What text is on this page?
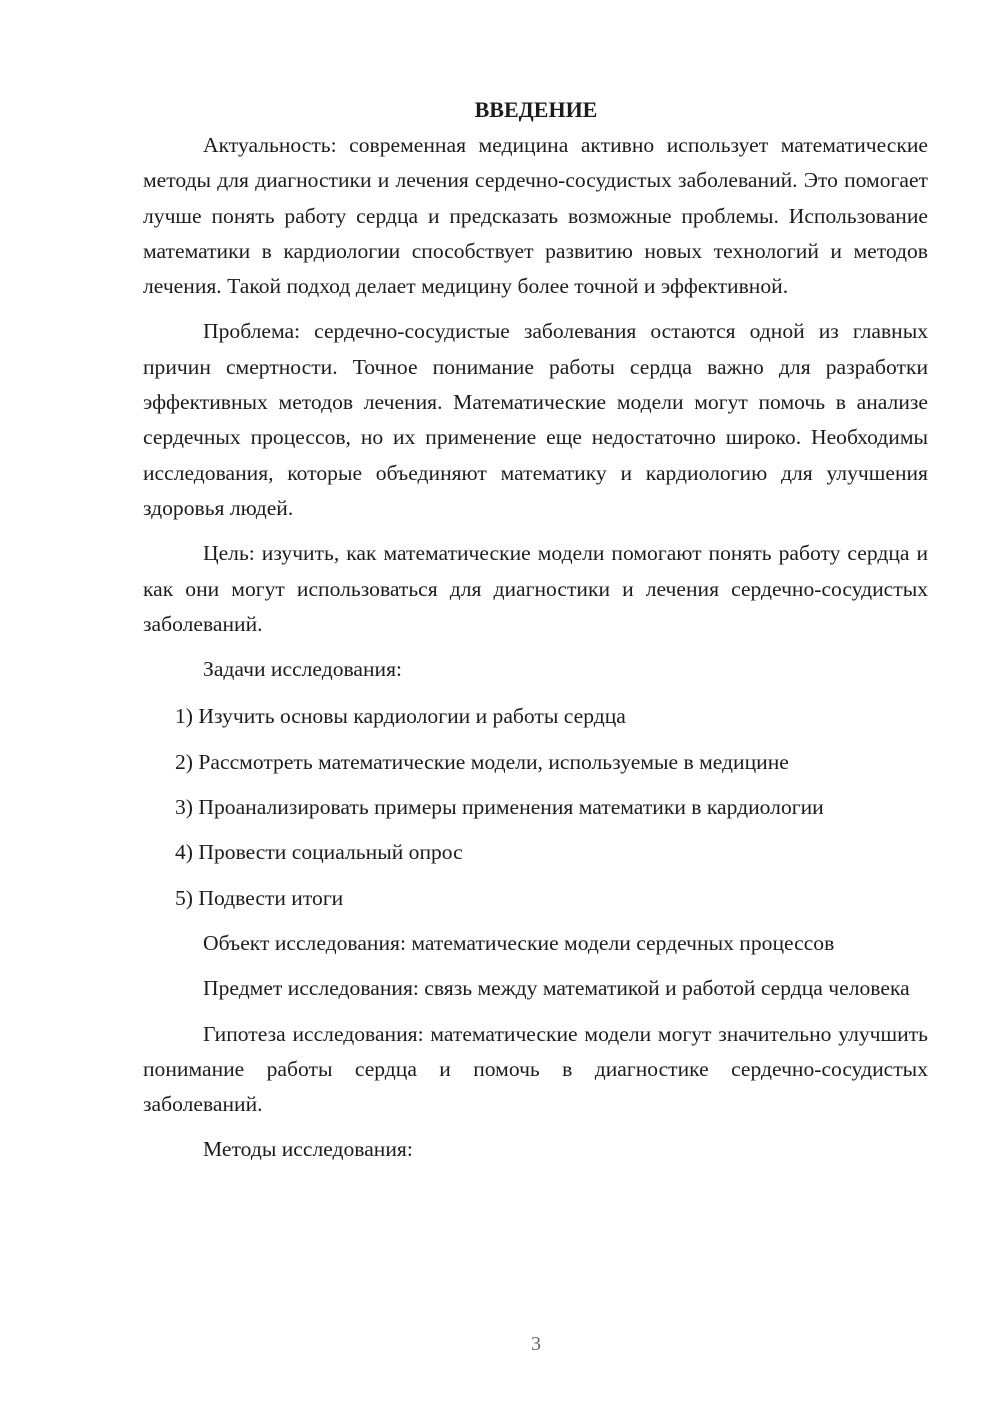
ВВЕДЕНИЕ

Актуальность: современная медицина активно использует математические методы для диагностики и лечения сердечно-сосудистых заболеваний. Это помогает лучше понять работу сердца и предсказать возможные проблемы. Использование математики в кардиологии способствует развитию новых технологий и методов лечения. Такой подход делает медицину более точной и эффективной.

Проблема: сердечно-сосудистые заболевания остаются одной из главных причин смертности. Точное понимание работы сердца важно для разработки эффективных методов лечения. Математические модели могут помочь в анализе сердечных процессов, но их применение еще недостаточно широко. Необходимы исследования, которые объединяют математику и кардиологию для улучшения здоровья людей.

Цель: изучить, как математические модели помогают понять работу сердца и как они могут использоваться для диагностики и лечения сердечно-сосудистых заболеваний.

Задачи исследования:

1) Изучить основы кардиологии и работы сердца

2) Рассмотреть математические модели, используемые в медицине

3) Проанализировать примеры применения математики в кардиологии

4) Провести социальный опрос

5) Подвести итоги

Объект исследования: математические модели сердечных процессов

Предмет исследования: связь между математикой и работой сердца человека

Гипотеза исследования: математические модели могут значительно улучшить понимание работы сердца и помочь в диагностике сердечно-сосудистых заболеваний.

Методы исследования:

3
